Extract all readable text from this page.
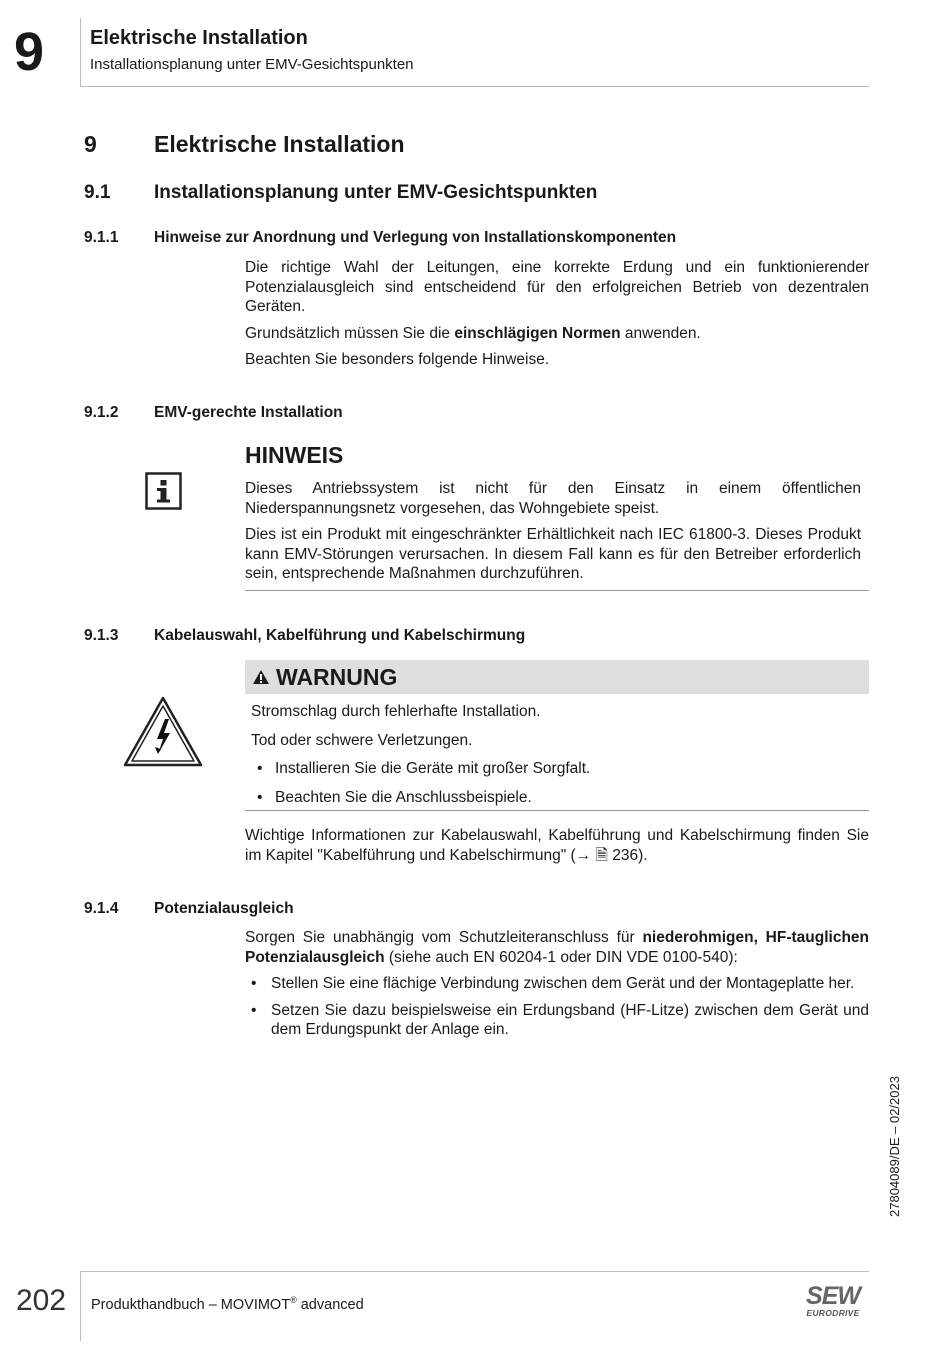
9 Elektrische Installation
Installationsplanung unter EMV-Gesichtspunkten
9 Elektrische Installation
9.1 Installationsplanung unter EMV-Gesichtspunkten
9.1.1 Hinweise zur Anordnung und Verlegung von Installationskomponenten

Die richtige Wahl der Leitungen, eine korrekte Erdung und ein funktionierender Potenzialausgleich sind entscheidend für den erfolgreichen Betrieb von dezentralen Geräten.

Grundsätzlich müssen Sie die einschlägigen Normen anwenden.

Beachten Sie besonders folgende Hinweise.

9.1.2 EMV-gerechte Installation
HINWEIS

Dieses Antriebssystem ist nicht für den Einsatz in einem öffentlichen Niederspannungsnetz vorgesehen, das Wohngebiete speist.

Dies ist ein Produkt mit eingeschränkter Erhältlichkeit nach IEC 61800-3. Dieses Produkt kann EMV-Störungen verursachen. In diesem Fall kann es für den Betreiber erforderlich sein, entsprechende Maßnahmen durchzuführen.

9.1.3 Kabelauswahl, Kabelführung und Kabelschirmung
WARNUNG

Stromschlag durch fehlerhafte Installation.

Tod oder schwere Verletzungen.

• Installieren Sie die Geräte mit großer Sorgfalt.
• Beachten Sie die Anschlussbeispiele.

Wichtige Informationen zur Kabelauswahl, Kabelführung und Kabelschirmung finden Sie im Kapitel "Kabelführung und Kabelschirmung" (→ 🗎 236).

9.1.4 Potenzialausgleich

Sorgen Sie unabhängig vom Schutzleiteranschluss für niederohmigen, HF-tauglichen Potenzialausgleich (siehe auch EN 60204-1 oder DIN VDE 0100-540):

• Stellen Sie eine flächige Verbindung zwischen dem Gerät und der Montageplatte her.
• Setzen Sie dazu beispielsweise ein Erdungsband (HF-Litze) zwischen dem Gerät und dem Erdungspunkt der Anlage ein.
27804089/DE – 02/2023
202 Produkthandbuch – MOVIMOT® advanced	SEW
EURODRIVE
